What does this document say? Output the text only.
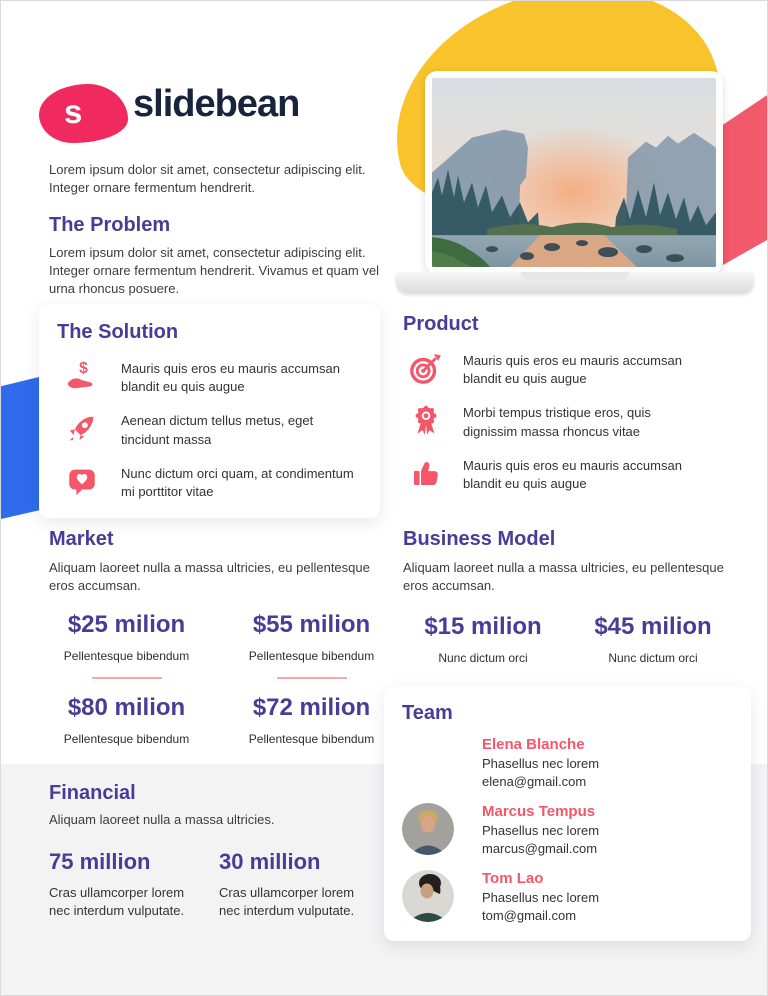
s slidebean

Lorem ipsum dolor sit amet, consectetur adipiscing elit. Integer ornare fermentum hendrerit.

The Problem

Lorem ipsum dolor sit amet, consectetur adipiscing elit. Integer ornare fermentum hendrerit. Vivamus et quam vel urna rhoncus posuere.

The Solution
$	Mauris quis eros eu mauris accumsan blandit eu quis augue
Aenean dictum tellus metus, eget tincidunt massa
Nunc dictum orci quam, at condimentum mi porttitor vitae
Product
Mauris quis eros eu mauris accumsan blandit eu quis augue
Morbi tempus tristique eros, quis dignissim massa rhoncus vitae
Mauris quis eros eu mauris accumsan blandit eu quis augue
Market

Aliquam laoreet nulla a massa ultricies, eu pellentesque eros accumsan.

$25 milion
Pellentesque bibendum
$55 milion
Pellentesque bibendum
$80 milion
Pellentesque bibendum
$72 milion
Pellentesque bibendum
Business Model

Aliquam laoreet nulla a massa ultricies, eu pellentesque eros accumsan.

$15 milion
Nunc dictum orci
$45 milion
Nunc dictum orci
Financial

Aliquam laoreet nulla a massa ultricies.

75 million
Cras ullamcorper lorem nec interdum vulputate.
30 million
Cras ullamcorper lorem nec interdum vulputate.
Team
Elena Blanche
Phasellus nec lorem
elena@gmail.com
Marcus Tempus
Phasellus nec lorem
marcus@gmail.com
Tom Lao
Phasellus nec lorem
tom@gmail.com
